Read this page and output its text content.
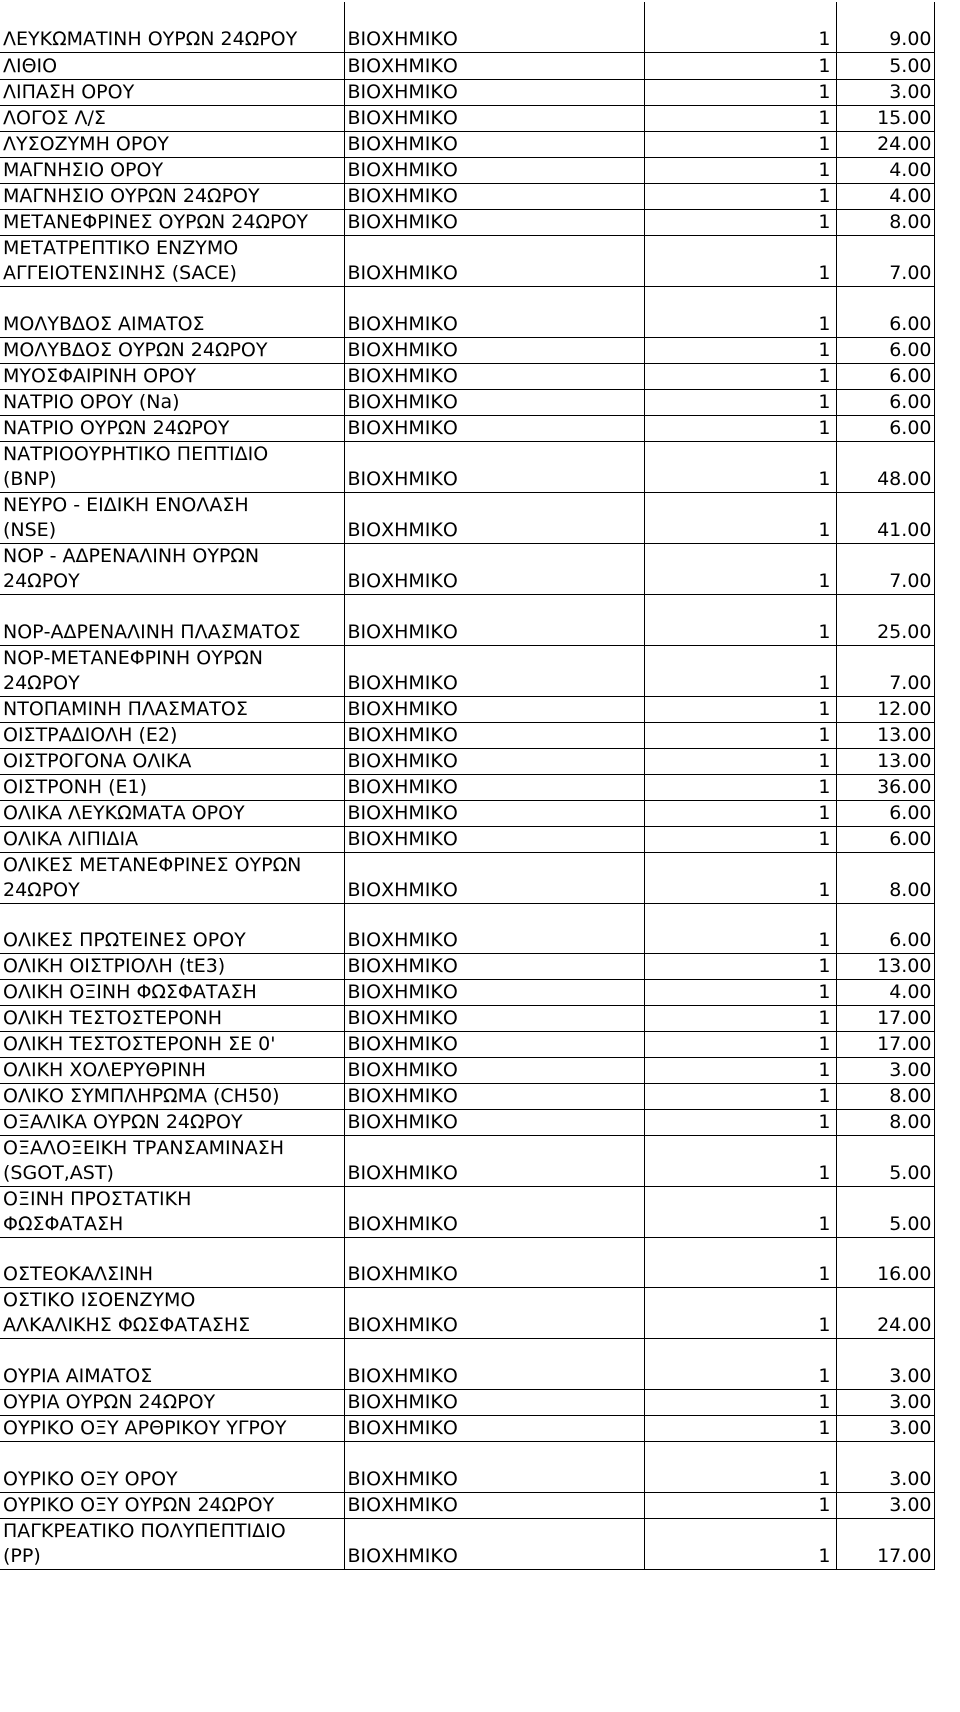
ΛΕΥΚΩΜΑΤΙΝΗ ΟΥΡΩΝ 24ΩΡΟΥ	ΒΙΟΧΗΜΙΚΟ	1	9.00
ΛΙΘΙΟ	ΒΙΟΧΗΜΙΚΟ	1	5.00
ΛΙΠΑΣΗ ΟΡΟΥ	ΒΙΟΧΗΜΙΚΟ	1	3.00
ΛΟΓΟΣ Λ/Σ	ΒΙΟΧΗΜΙΚΟ	1	15.00
ΛΥΣΟΖΥΜΗ ΟΡΟΥ	ΒΙΟΧΗΜΙΚΟ	1	24.00
ΜΑΓΝΗΣΙΟ ΟΡΟΥ	ΒΙΟΧΗΜΙΚΟ	1	4.00
ΜΑΓΝΗΣΙΟ ΟΥΡΩΝ 24ΩΡΟΥ	ΒΙΟΧΗΜΙΚΟ	1	4.00
ΜΕΤΑΝΕΦΡΙΝΕΣ ΟΥΡΩΝ 24ΩΡΟΥ	ΒΙΟΧΗΜΙΚΟ	1	8.00
ΜΕΤΑΤΡΕΠΤΙΚΟ ΕΝΖΥΜΟ
ΑΓΓΕΙΟΤΕΝΣΙΝΗΣ (SACE)	ΒΙΟΧΗΜΙΚΟ	1	7.00
ΜΟΛΥΒΔΟΣ ΑΙΜΑΤΟΣ	ΒΙΟΧΗΜΙΚΟ	1	6.00
ΜΟΛΥΒΔΟΣ ΟΥΡΩΝ 24ΩΡΟΥ	ΒΙΟΧΗΜΙΚΟ	1	6.00
ΜΥΟΣΦΑΙΡΙΝΗ ΟΡΟΥ	ΒΙΟΧΗΜΙΚΟ	1	6.00
ΝΑΤΡΙΟ ΟΡΟΥ (Na)	ΒΙΟΧΗΜΙΚΟ	1	6.00
ΝΑΤΡΙΟ ΟΥΡΩΝ 24ΩΡΟΥ	ΒΙΟΧΗΜΙΚΟ	1	6.00
ΝΑΤΡΙΟΟΥΡΗΤΙΚΟ ΠΕΠΤΙΔΙΟ
(BNP)	ΒΙΟΧΗΜΙΚΟ	1	48.00
ΝΕΥΡΟ - ΕΙΔΙΚΗ ΕΝΟΛΑΣΗ
(NSE)	ΒΙΟΧΗΜΙΚΟ	1	41.00
ΝΟΡ - ΑΔΡΕΝΑΛΙΝΗ ΟΥΡΩΝ
24ΩΡΟΥ	ΒΙΟΧΗΜΙΚΟ	1	7.00
ΝΟΡ-ΑΔΡΕΝΑΛΙΝΗ ΠΛΑΣΜΑΤΟΣ	ΒΙΟΧΗΜΙΚΟ	1	25.00
ΝΟΡ-ΜΕΤΑΝΕΦΡΙΝΗ ΟΥΡΩΝ
24ΩΡΟΥ	ΒΙΟΧΗΜΙΚΟ	1	7.00
ΝΤΟΠΑΜΙΝΗ ΠΛΑΣΜΑΤΟΣ	ΒΙΟΧΗΜΙΚΟ	1	12.00
ΟΙΣΤΡΑΔΙΟΛΗ (Ε2)	ΒΙΟΧΗΜΙΚΟ	1	13.00
ΟΙΣΤΡΟΓΟΝΑ ΟΛΙΚΑ	ΒΙΟΧΗΜΙΚΟ	1	13.00
ΟΙΣΤΡΟΝΗ (Ε1)	ΒΙΟΧΗΜΙΚΟ	1	36.00
ΟΛΙΚΑ ΛΕΥΚΩΜΑΤΑ ΟΡΟΥ	ΒΙΟΧΗΜΙΚΟ	1	6.00
ΟΛΙΚΑ ΛΙΠΙΔΙΑ	ΒΙΟΧΗΜΙΚΟ	1	6.00
ΟΛΙΚΕΣ ΜΕΤΑΝΕΦΡΙΝΕΣ ΟΥΡΩΝ
24ΩΡΟΥ	ΒΙΟΧΗΜΙΚΟ	1	8.00
ΟΛΙΚΕΣ ΠΡΩΤΕΙΝΕΣ ΟΡΟΥ	ΒΙΟΧΗΜΙΚΟ	1	6.00
ΟΛΙΚΗ ΟΙΣΤΡΙΟΛΗ (tE3)	ΒΙΟΧΗΜΙΚΟ	1	13.00
ΟΛΙΚΗ ΟΞΙΝΗ ΦΩΣΦΑΤΑΣΗ	ΒΙΟΧΗΜΙΚΟ	1	4.00
ΟΛΙΚΗ ΤΕΣΤΟΣΤΕΡΟΝΗ	ΒΙΟΧΗΜΙΚΟ	1	17.00
ΟΛΙΚΗ ΤΕΣΤΟΣΤΕΡΟΝΗ ΣΕ 0'	ΒΙΟΧΗΜΙΚΟ	1	17.00
ΟΛΙΚΗ ΧΟΛΕΡΥΘΡΙΝΗ	ΒΙΟΧΗΜΙΚΟ	1	3.00
ΟΛΙΚΟ ΣΥΜΠΛΗΡΩΜΑ (CH50)	ΒΙΟΧΗΜΙΚΟ	1	8.00
ΟΞΑΛΙΚΑ ΟΥΡΩΝ 24ΩΡΟΥ	ΒΙΟΧΗΜΙΚΟ	1	8.00
ΟΞΑΛΟΞΕΙΚΗ ΤΡΑΝΣΑΜΙΝΑΣΗ
(SGOT,AST)	ΒΙΟΧΗΜΙΚΟ	1	5.00
ΟΞΙΝΗ ΠΡΟΣΤΑΤΙΚΗ
ΦΩΣΦΑΤΑΣΗ	ΒΙΟΧΗΜΙΚΟ	1	5.00
ΟΣΤΕΟΚΑΛΣΙΝΗ	ΒΙΟΧΗΜΙΚΟ	1	16.00
ΟΣΤΙΚΟ ΙΣΟΕΝΖΥΜΟ
ΑΛΚΑΛΙΚΗΣ ΦΩΣΦΑΤΑΣΗΣ	ΒΙΟΧΗΜΙΚΟ	1	24.00
ΟΥΡΙΑ ΑΙΜΑΤΟΣ	ΒΙΟΧΗΜΙΚΟ	1	3.00
ΟΥΡΙΑ ΟΥΡΩΝ 24ΩΡΟΥ	ΒΙΟΧΗΜΙΚΟ	1	3.00
ΟΥΡΙΚΟ ΟΞΥ ΑΡΘΡΙΚΟΥ ΥΓΡΟΥ	ΒΙΟΧΗΜΙΚΟ	1	3.00
ΟΥΡΙΚΟ ΟΞΥ ΟΡΟΥ	ΒΙΟΧΗΜΙΚΟ	1	3.00
ΟΥΡΙΚΟ ΟΞΥ ΟΥΡΩΝ 24ΩΡΟΥ	ΒΙΟΧΗΜΙΚΟ	1	3.00
ΠΑΓΚΡΕΑΤΙΚΟ ΠΟΛΥΠΕΠΤΙΔΙΟ
(PP)	ΒΙΟΧΗΜΙΚΟ	1	17.00
